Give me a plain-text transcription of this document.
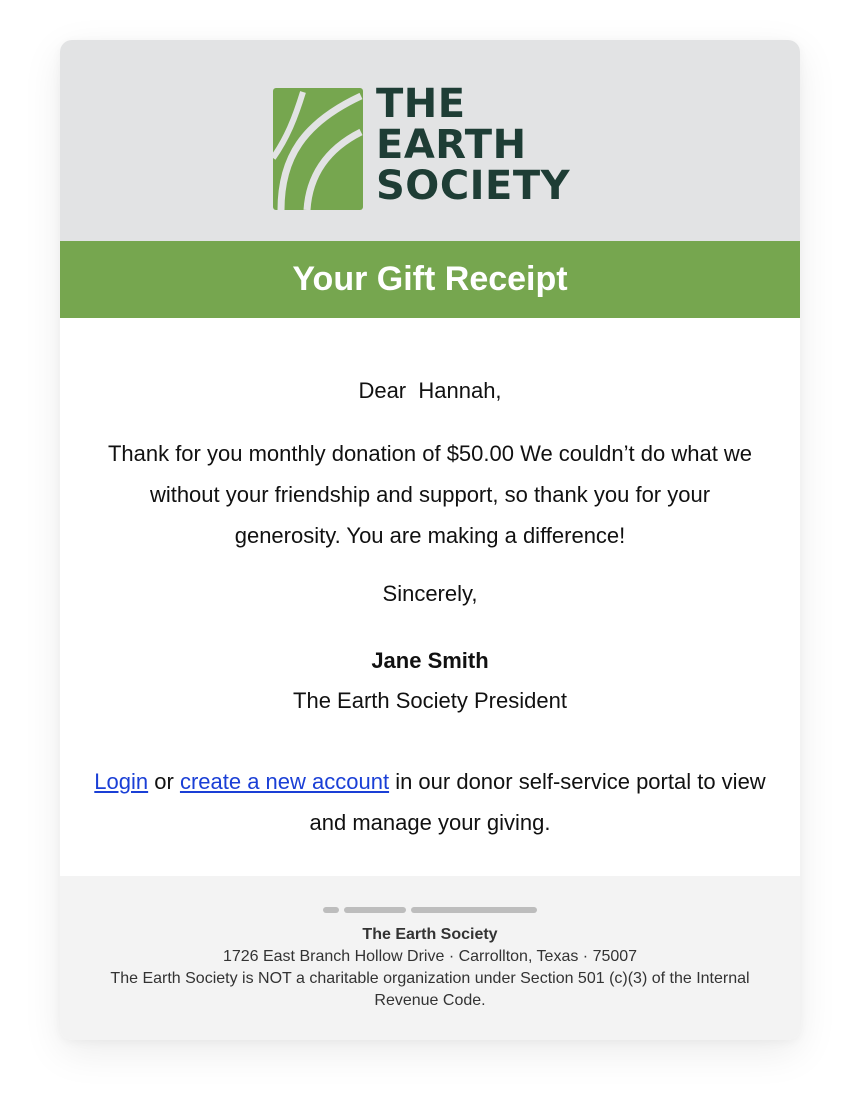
THE
EARTH
SOCIETY
Your Gift Receipt
Dear  Hannah,
Thank for you monthly donation of $50.00 We couldn’t do what we without your friendship and support, so thank you for your generosity. You are making a difference!
Sincerely,
Jane Smith
The Earth Society President
Login or create a new account in our donor self-service portal to view and manage your giving.
The Earth Society
1726 East Branch Hollow Drive · Carrollton, Texas · 75007
The Earth Society is NOT a charitable organization under Section 501 (c)(3) of the Internal Revenue Code.
